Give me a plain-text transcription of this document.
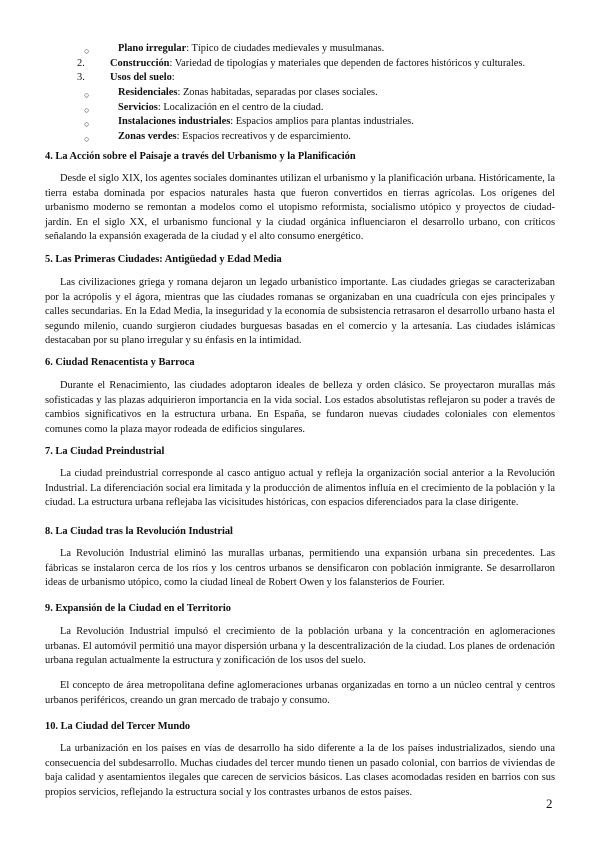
○	Plano irregular: Típico de ciudades medievales y musulmanas.
2. Construcción: Variedad de tipologías y materiales que dependen de factores históricos y culturales.
3. Usos del suelo:
○	Residenciales: Zonas habitadas, separadas por clases sociales.
○	Servicios: Localización en el centro de la ciudad.
○	Instalaciones industriales: Espacios amplios para plantas industriales.
○	Zonas verdes: Espacios recreativos y de esparcimiento.
4. La Acción sobre el Paisaje a través del Urbanismo y la Planificación

Desde el siglo XIX, los agentes sociales dominantes utilizan el urbanismo y la planificación urbana. Históricamente, la tierra estaba dominada por espacios naturales hasta que fueron convertidos en tierras agrícolas. Los orígenes del urbanismo moderno se remontan a modelos como el utopismo reformista, socialismo utópico y proyectos de ciudad-jardín. En el siglo XX, el urbanismo funcional y la ciudad orgánica influenciaron el desarrollo urbano, con críticos señalando la expansión exagerada de la ciudad y el alto consumo energético.

5. Las Primeras Ciudades: Antigüedad y Edad Media

Las civilizaciones griega y romana dejaron un legado urbanístico importante. Las ciudades griegas se caracterizaban por la acrópolis y el ágora, mientras que las ciudades romanas se organizaban en una cuadrícula con ejes principales y calles secundarias. En la Edad Media, la inseguridad y la economía de subsistencia retrasaron el desarrollo urbano hasta el segundo milenio, cuando surgieron ciudades burguesas basadas en el comercio y la artesanía. Las ciudades islámicas destacaban por su plano irregular y su énfasis en la intimidad.

6. Ciudad Renacentista y Barroca

Durante el Renacimiento, las ciudades adoptaron ideales de belleza y orden clásico. Se proyectaron murallas más sofisticadas y las plazas adquirieron importancia en la vida social. Los estados absolutistas reflejaron su poder a través de cambios significativos en la estructura urbana. En España, se fundaron nuevas ciudades coloniales con elementos comunes como la plaza mayor rodeada de edificios singulares.

7. La Ciudad Preindustrial

La ciudad preindustrial corresponde al casco antiguo actual y refleja la organización social anterior a la Revolución Industrial. La diferenciación social era limitada y la producción de alimentos influía en el crecimiento de la población y la ciudad. La estructura urbana reflejaba las vicisitudes históricas, con espacios diferenciados para la clase dirigente.

8. La Ciudad tras la Revolución Industrial

La Revolución Industrial eliminó las murallas urbanas, permitiendo una expansión urbana sin precedentes. Las fábricas se instalaron cerca de los ríos y los centros urbanos se densificaron con población inmigrante. Se desarrollaron ideas de urbanismo utópico, como la ciudad lineal de Robert Owen y los falansterios de Fourier.

9. Expansión de la Ciudad en el Territorio

La Revolución Industrial impulsó el crecimiento de la población urbana y la concentración en aglomeraciones urbanas. El automóvil permitió una mayor dispersión urbana y la descentralización de la ciudad. Los planes de ordenación urbana regulan actualmente la estructura y zonificación de los usos del suelo.

El concepto de área metropolitana define aglomeraciones urbanas organizadas en torno a un núcleo central y centros urbanos periféricos, creando un gran mercado de trabajo y consumo.

10. La Ciudad del Tercer Mundo

La urbanización en los países en vías de desarrollo ha sido diferente a la de los países industrializados, siendo una consecuencia del subdesarrollo. Muchas ciudades del tercer mundo tienen un pasado colonial, con barrios de viviendas de baja calidad y asentamientos ilegales que carecen de servicios básicos. Las clases acomodadas residen en barrios con sus propios servicios, reflejando la estructura social y los contrastes urbanos de estos países.

2
